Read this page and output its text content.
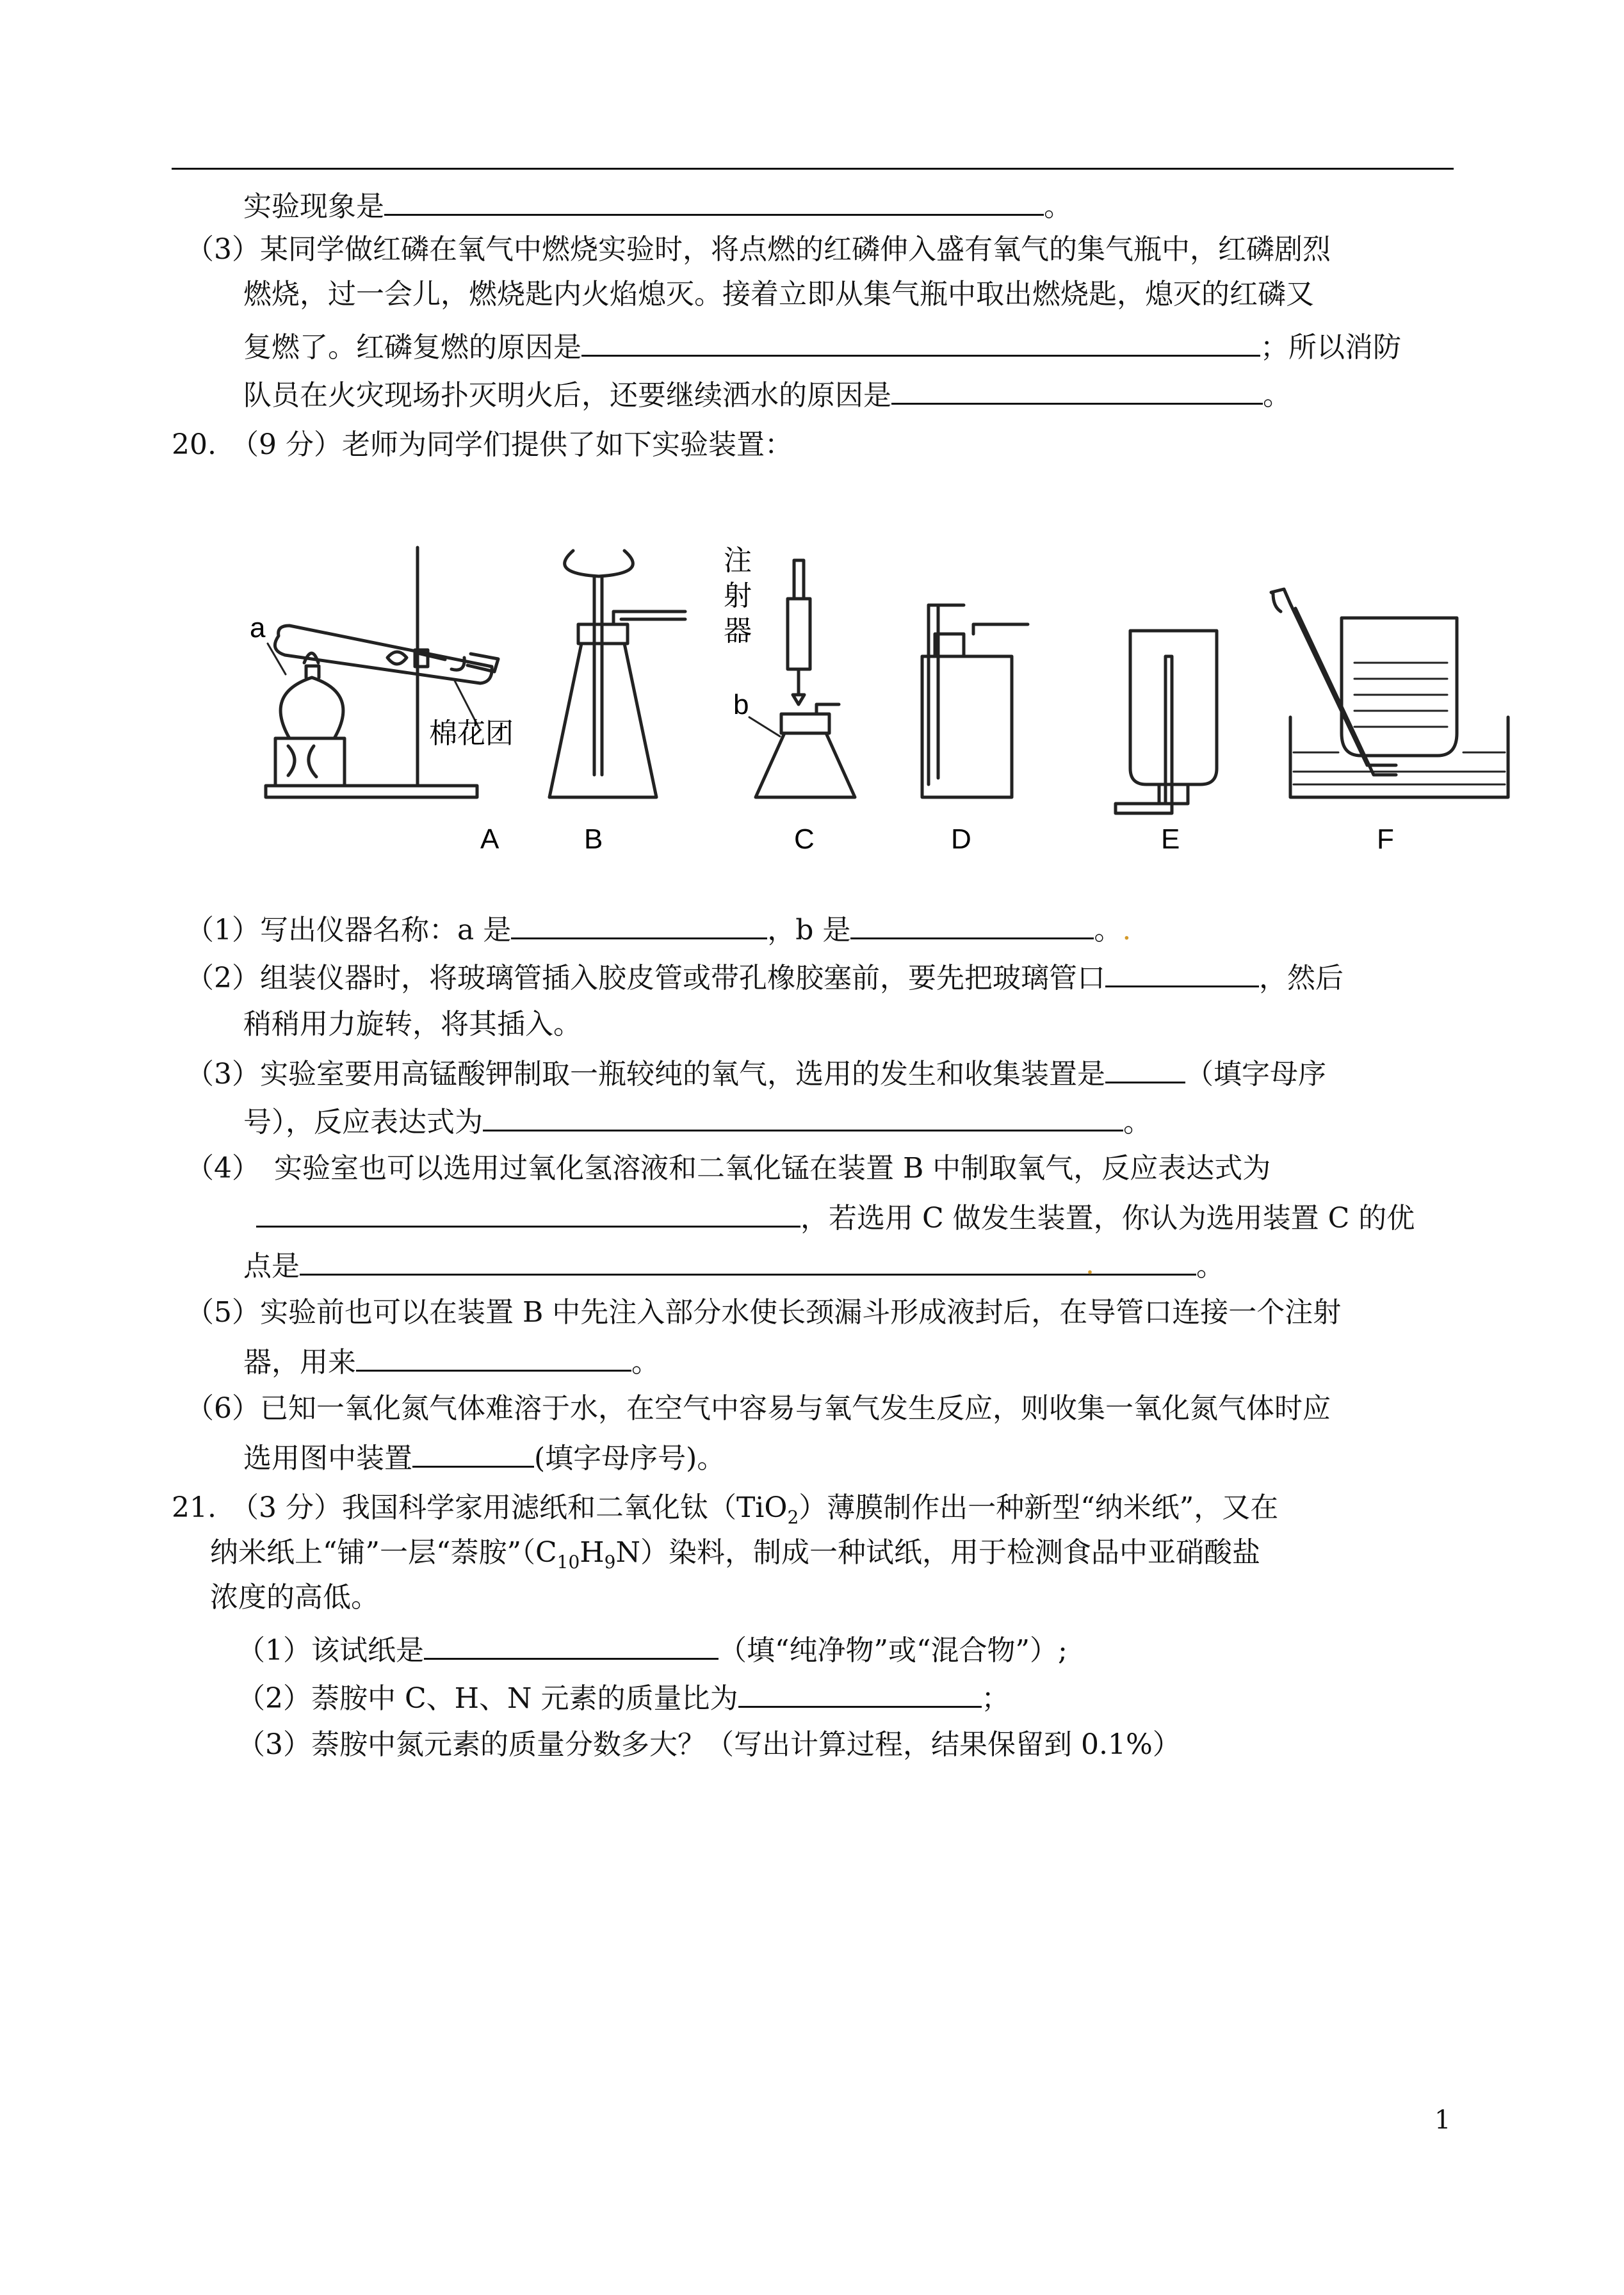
实验现象是	。
（3）某同学做红磷在氧气中燃烧实验时，将点燃的红磷伸入盛有氧气的集气瓶中，红磷剧烈
燃烧，过一会儿，燃烧匙内火焰熄灭。接着立即从集气瓶中取出燃烧匙，熄灭的红磷又
复燃了。红磷复燃的原因是	；所以消防
队员在火灾现场扑灭明火后，还要继续洒水的原因是	。
20.　（9 分）老师为同学们提供了如下实验装置：
A	B	C	D	E	F
a
b
棉花团
注
射
器
（1）写出仪器名称：a 是	，b 是	。.
（2）组装仪器时，将玻璃管插入胶皮管或带孔橡胶塞前，要先把玻璃管口	，然后
稍稍用力旋转，将其插入。
（3）实验室要用高锰酸钾制取一瓶较纯的氧气，选用的发生和收集装置是	（填字母序
号），反应表达式为	。
（4）　实验室也可以选用过氧化氢溶液和二氧化锰在装置 B 中制取氧气，反应表达式为
，若选用 C 做发生装置，你认为选用装置 C 的优
点是	。
.
（5）实验前也可以在装置 B 中先注入部分水使长颈漏斗形成液封后，在导管口连接一个注射
器，用来	。
（6）已知一氧化氮气体难溶于水，在空气中容易与氧气发生反应，则收集一氧化氮气体时应
选用图中装置	(填字母序号)。
21.　（3 分）我国科学家用滤纸和二氧化钛（TiO$_2$）薄膜制作出一种新型“纳米纸”，又在
纳米纸上“铺”一层“萘胺$”(C_{10}H_9N)$染料，制成一种试纸，用于检测食品中亚硝酸盐
浓度的高低。
（1）该试纸是	（填“纯净物”或“混合物”）;
（2）萘胺中 C、H、N 元素的质量比为	；
（3）萘胺中氮元素的质量分数多大？（写出计算过程，结果保留到 0.1%）
1
